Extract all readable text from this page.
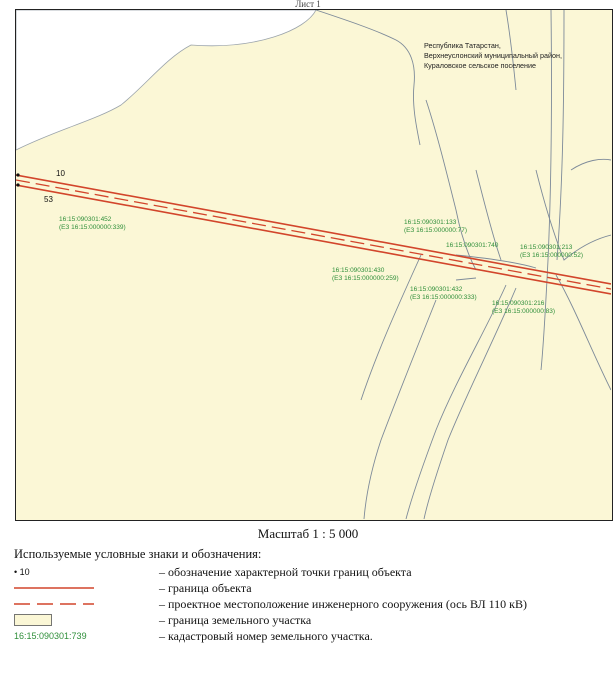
Лист 1
10
53
Республика Татарстан,
Верхнеуслонский муниципальный район,
Кураловское сельское поселение
16:15:090301:452
(ЕЗ 16:15:000000:339)
16:15:090301:133
(ЕЗ 16:15:000000:77)
16:15:090301:740	16:15:090301:213
(ЕЗ 16:15:000000:52)
16:15:090301:430
(ЕЗ 16:15:000000:259)
16:15:090301:432
(ЕЗ 16:15:000000:333)
16:15:090301:216
(ЕЗ 16:15:000000:83)
Масштаб 1 : 5 000
Используемые условные знаки и обозначения:
• 10	– обозначение характерной точки границ объекта
– граница объекта
– проектное местоположение инженерного сооружения (ось ВЛ 110 кВ)
– граница земельного участка
16:15:090301:739	– кадастровый номер земельного участка.
